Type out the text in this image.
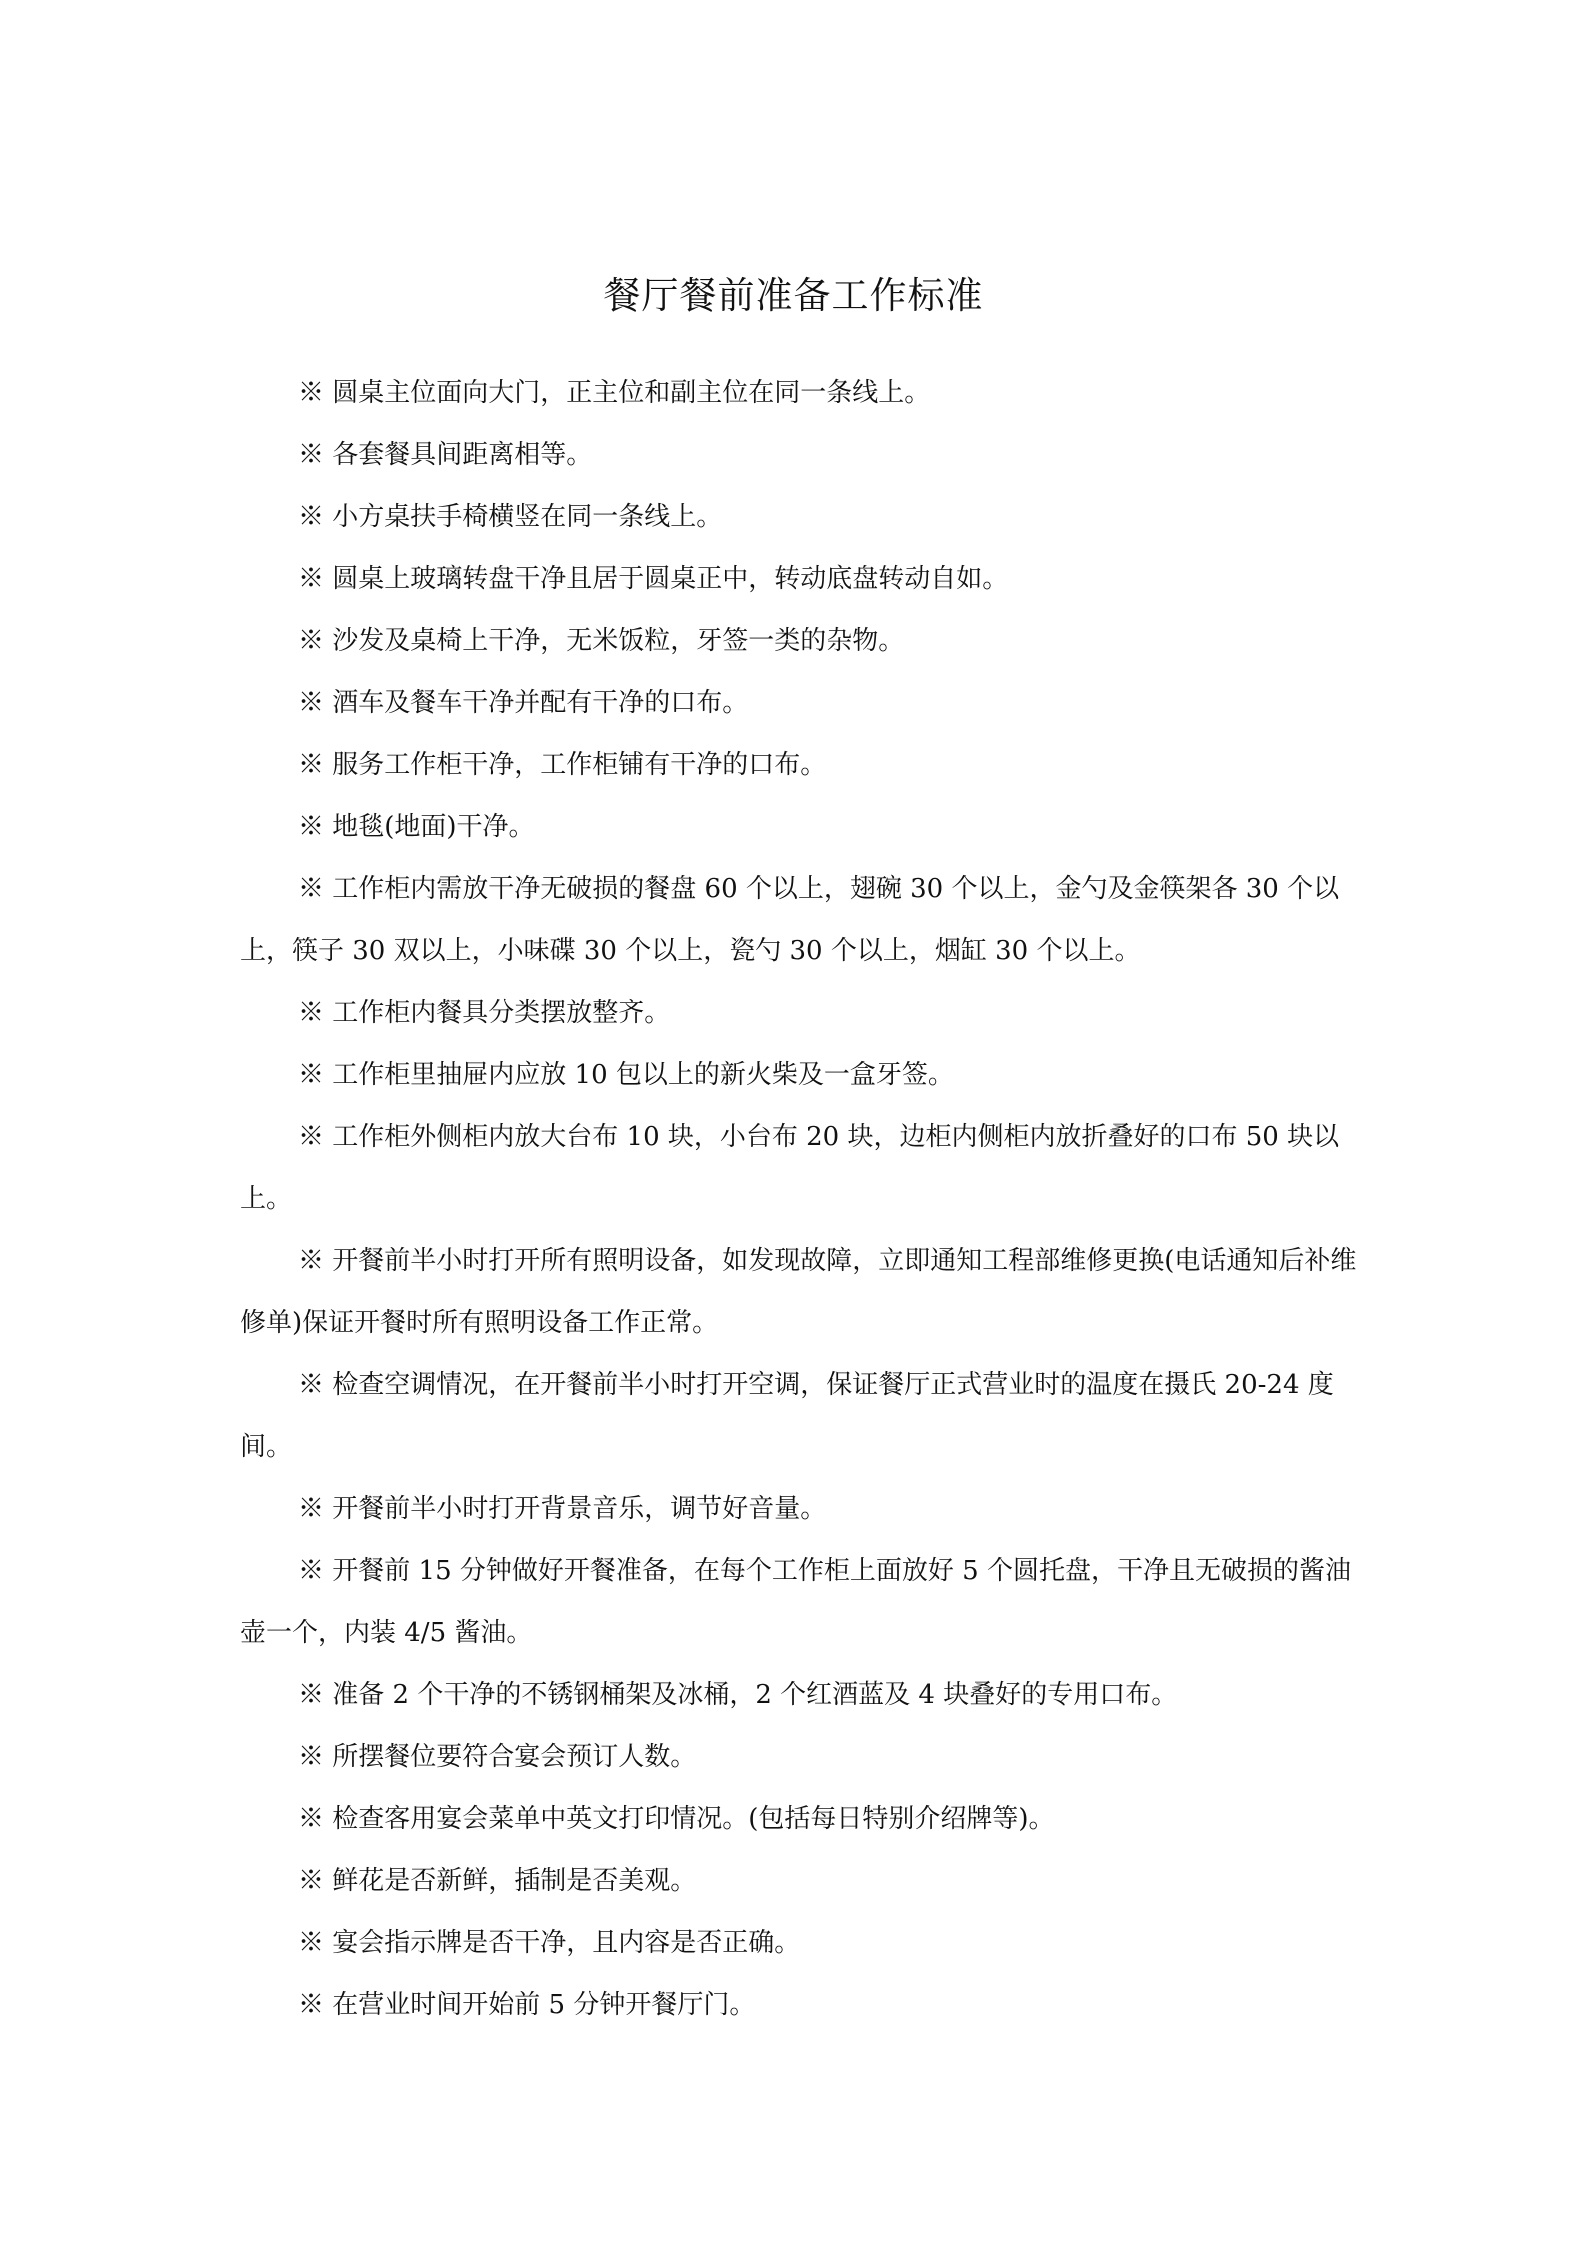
餐厅餐前准备工作标准

※ 圆桌主位面向大门，正主位和副主位在同一条线上。

※ 各套餐具间距离相等。

※ 小方桌扶手椅横竖在同一条线上。

※ 圆桌上玻璃转盘干净且居于圆桌正中，转动底盘转动自如。

※ 沙发及桌椅上干净，无米饭粒，牙签一类的杂物。

※ 酒车及餐车干净并配有干净的口布。

※ 服务工作柜干净，工作柜铺有干净的口布。

※ 地毯(地面)干净。

※ 工作柜内需放干净无破损的餐盘 60 个以上，翅碗 30 个以上，金勺及金筷架各 30 个以上，筷子 30 双以上，小味碟 30 个以上，瓷勺 30 个以上，烟缸 30 个以上。

※ 工作柜内餐具分类摆放整齐。

※ 工作柜里抽屉内应放 10 包以上的新火柴及一盒牙签。

※ 工作柜外侧柜内放大台布 10 块，小台布 20 块，边柜内侧柜内放折叠好的口布 50 块以上。

※ 开餐前半小时打开所有照明设备，如发现故障，立即通知工程部维修更换(电话通知后补维修单)保证开餐时所有照明设备工作正常。

※ 检查空调情况，在开餐前半小时打开空调，保证餐厅正式营业时的温度在摄氏 20-24 度间。

※ 开餐前半小时打开背景音乐，调节好音量。

※ 开餐前 15 分钟做好开餐准备，在每个工作柜上面放好 5 个圆托盘，干净且无破损的酱油壶一个，内装 4/5 酱油。

※ 准备 2 个干净的不锈钢桶架及冰桶，2 个红酒蓝及 4 块叠好的专用口布。

※ 所摆餐位要符合宴会预订人数。

※ 检查客用宴会菜单中英文打印情况。(包括每日特别介绍牌等)。

※ 鲜花是否新鲜，插制是否美观。

※ 宴会指示牌是否干净，且内容是否正确。

※ 在营业时间开始前 5 分钟开餐厅门。
